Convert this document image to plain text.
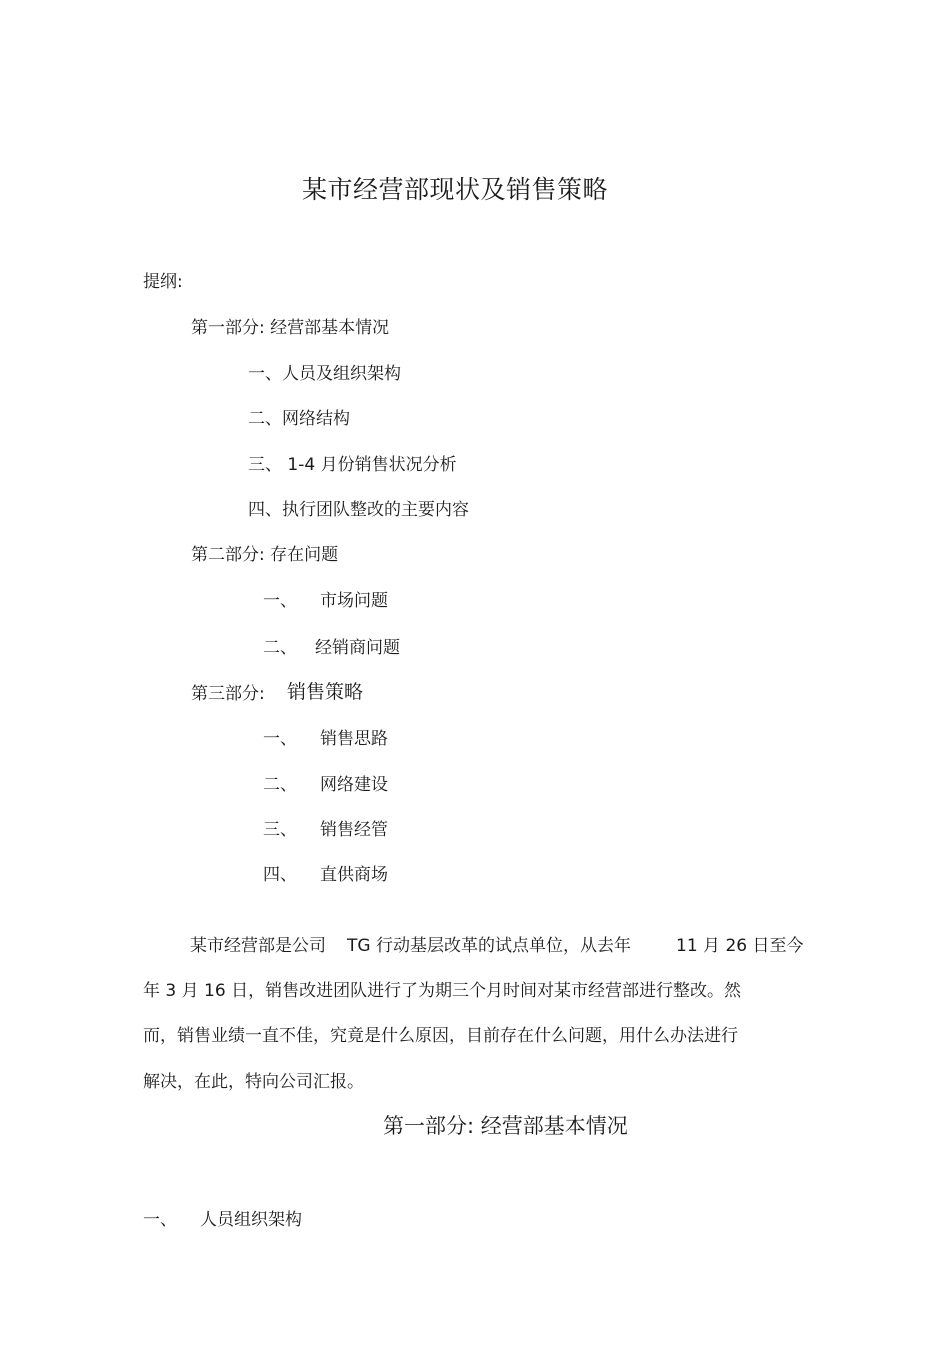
某市经营部现状及销售策略
提纲:
第一部分: 经营部基本情况
一、人员及组织架构
二、网络结构
三、 1-4 月份销售状况分析
四、执行团队整改的主要内容
第二部分: 存在问题
一、 市场问题
二、 经销商问题
第三部分: 销售策略
一、 销售思路
二、 网络建设
三、 销售经管
四、 直供商场
某市经营部是公司 TG 行动基层改革的试点单位，从去年	11 月 26 日至今
年 3 月 16 日，销售改进团队进行了为期三个月时间对某市经营部进行整改。然
而，销售业绩一直不佳，究竟是什么原因，目前存在什么问题，用什么办法进行
解决，在此，特向公司汇报。
第一部分: 经营部基本情况
一、 人员组织架构
